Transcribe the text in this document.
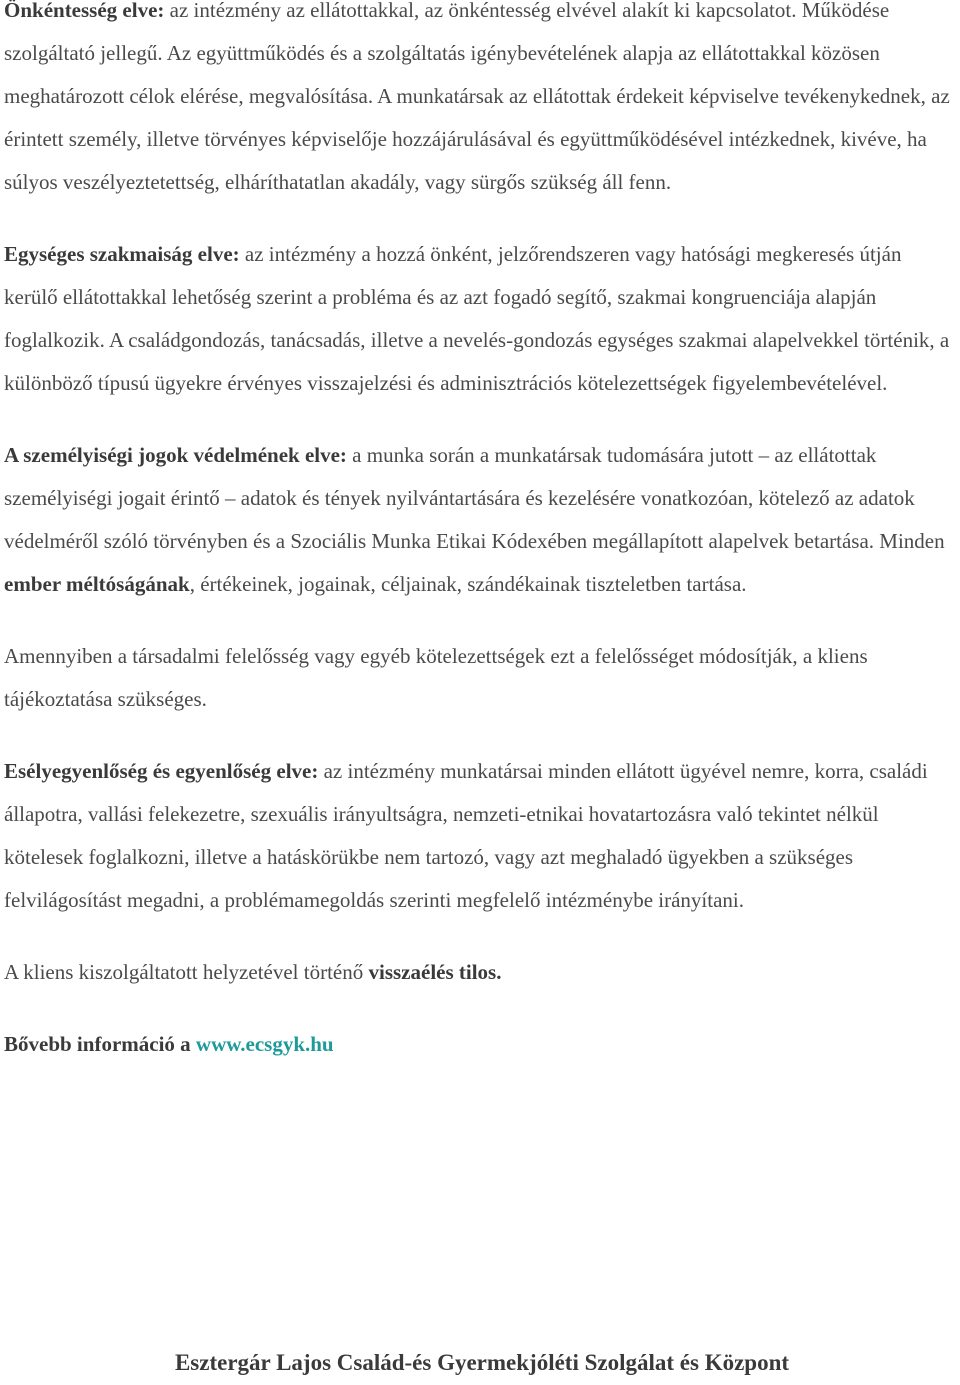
Önkéntesség elve: az intézmény az ellátottakkal, az önkéntesség elvével alakít ki kapcsolatot. Működése szolgáltató jellegű. Az együttműködés és a szolgáltatás igénybevételének alapja az ellátottakkal közösen meghatározott célok elérése, megvalósítása. A munkatársak az ellátottak érdekeit képviselve tevékenykednek, az érintett személy, illetve törvényes képviselője hozzájárulásával és együttműködésével intézkednek, kivéve, ha súlyos veszélyeztetettség, elháríthatatlan akadály, vagy sürgős szükség áll fenn.

Egységes szakmaiság elve: az intézmény a hozzá önként, jelzőrendszeren vagy hatósági megkeresés útján kerülő ellátottakkal lehetőség szerint a probléma és az azt fogadó segítő, szakmai kongruenciája alapján foglalkozik. A családgondozás, tanácsadás, illetve a nevelés-gondozás egységes szakmai alapelvekkel történik, a különböző típusú ügyekre érvényes visszajelzési és adminisztrációs kötelezettségek figyelembevételével.

A személyiségi jogok védelmének elve: a munka során a munkatársak tudomására jutott – az ellátottak személyiségi jogait érintő – adatok és tények nyilvántartására és kezelésére vonatkozóan, kötelező az adatok védelméről szóló törvényben és a Szociális Munka Etikai Kódexében megállapított alapelvek betartása. Minden ember méltóságának, értékeinek, jogainak, céljainak, szándékainak tiszteletben tartása.

Amennyiben a társadalmi felelősség vagy egyéb kötelezettségek ezt a felelősséget módosítják, a kliens tájékoztatása szükséges.

Esélyegyenlőség és egyenlőség elve: az intézmény munkatársai minden ellátott ügyével nemre, korra, családi állapotra, vallási felekezetre, szexuális irányultságra, nemzeti-etnikai hovatartozásra való tekintet nélkül kötelesek foglalkozni, illetve a hatáskörükbe nem tartozó, vagy azt meghaladó ügyekben a szükséges felvilágosítást megadni, a problémamegoldás szerinti megfelelő intézménybe irányítani.

A kliens kiszolgáltatott helyzetével történő visszaélés tilos.

Bővebb információ a www.ecsgyk.hu

Esztergár Lajos Család-és Gyermekjóléti Szolgálat és Központ
